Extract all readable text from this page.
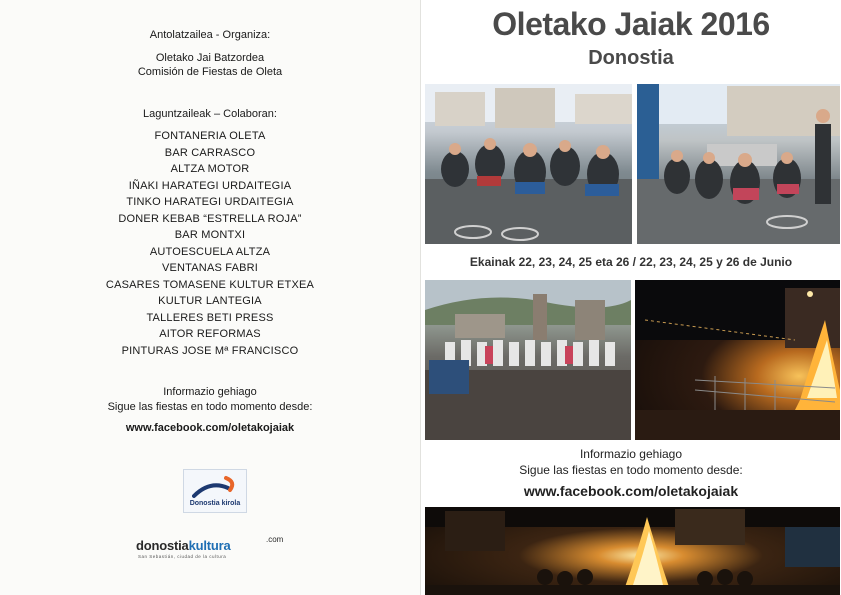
Antolatzailea - Organiza:
Oletako Jai Batzordea
Comisión de Fiestas de Oleta
Laguntzaileak – Colaboran:
FONTANERIA OLETA
BAR CARRASCO
ALTZA MOTOR
IÑAKI HARATEGI URDAITEGIA
TINKO HARATEGI URDAITEGIA
DONER KEBAB “ESTRELLA ROJA”
BAR MONTXI
AUTOESCUELA ALTZA
VENTANAS FABRI
CASARES TOMASENE KULTUR ETXEA
KULTUR LANTEGIA
TALLERES BETI PRESS
AITOR REFORMAS
PINTURAS JOSE Mª FRANCISCO
Informazio gehiago
Sigue las fiestas en todo momento desde:
www.facebook.com/oletakojaiak
Donostia kirola
donostiakultura	.com
San Sebastián, ciudad de la cultura
Oletako Jaiak 2016
Donostia
Ekainak 22, 23, 24, 25 eta 26 / 22, 23, 24, 25 y 26 de Junio
Informazio gehiago
Sigue las fiestas en todo momento desde:
www.facebook.com/oletakojaiak
